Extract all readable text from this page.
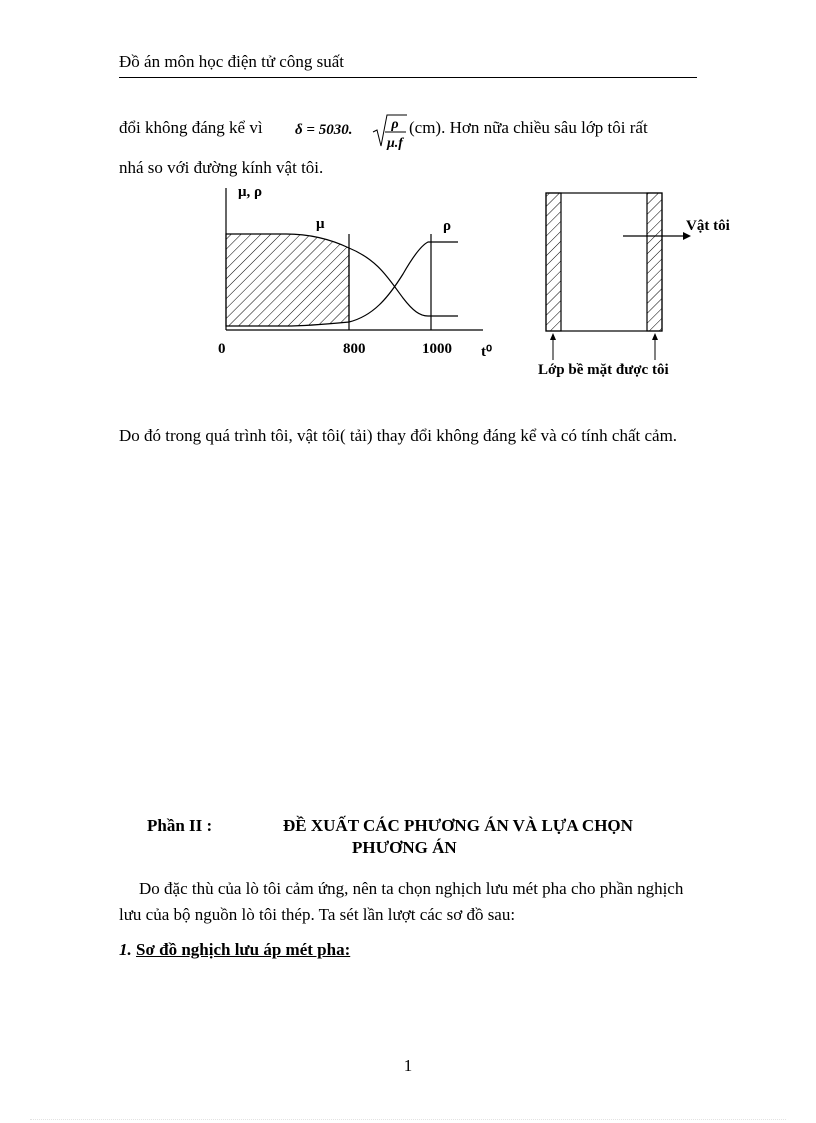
Đồ án môn học điện tử công suất
đổi không đáng kể vì δ = 5030.	ρ
μ.f
(cm). Hơn nữa chiều sâu lớp tôi rất
nhá so với đường kính vật tôi.
μ, ρ
μ	ρ
0	800	1000 t⁰
Vật tôi
Lớp bề mặt được tôi
Do đó trong quá trình tôi, vật tôi( tải) thay đổi không đáng kể và có tính chất cảm.
Phần II :	ĐỀ XUẤT CÁC PHƯƠNG ÁN VÀ LỰA CHỌN
PHƯƠNG ÁN
Do đặc thù của lò tôi cảm ứng, nên ta chọn nghịch lưu mét pha cho phần nghịch lưu của bộ nguồn lò tôi thép. Ta sét lần lượt các sơ đồ sau:
1. Sơ đồ nghịch lưu áp mét pha:
1
